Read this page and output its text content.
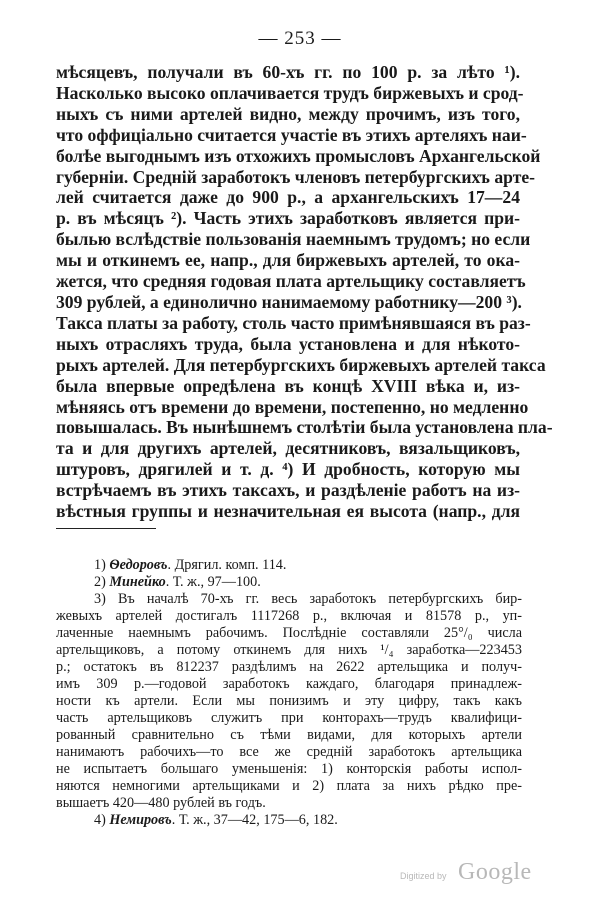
— 253 —
мѣсяцевъ, получали въ 60-хъ гг. по 100 р. за лѣто ¹).
Насколько высоко оплачивается трудъ биржевыхъ и срод-
ныхъ съ ними артелей видно, между прочимъ, изъ того,
что оффиціально считается участіе въ этихъ артеляхъ наи-
болѣе выгоднымъ изъ отхожихъ промысловъ Архангельской
губерніи. Средній заработокъ членовъ петербургскихъ арте-
лей считается даже до 900 р., а архангельскихъ 17—24
р. въ мѣсяцъ ²). Часть этихъ заработковъ является при-
былью вслѣдствіе пользованія наемнымъ трудомъ; но если
мы и откинемъ ее, напр., для биржевыхъ артелей, то ока-
жется, что средняя годовая плата артельщику составляетъ
309 рублей, а единолично нанимаемому работнику—200 ³).
Такса платы за работу, столь часто примѣнявшаяся въ раз-
ныхъ отрасляхъ труда, была установлена и для нѣкото-
рыхъ артелей. Для петербургскихъ биржевыхъ артелей такса
была впервые опредѣлена въ концѣ XVIII вѣка и, из-
мѣняясь отъ времени до времени, постепенно, но медленно
повышалась. Въ нынѣшнемъ столѣтіи была установлена пла-
та и для другихъ артелей, десятниковъ, вязальщиковъ,
штуровъ, дрягилей и т. д. ⁴) И дробность, которую мы
встрѣчаемъ въ этихъ таксахъ, и раздѣленіе работъ на из-
вѣстныя группы и незначительная ея высота (напр., для
1) Ѳедоровъ. Дрягил. комп. 114.
2) Минейко. Т. ж., 97—100.
3) Въ началѣ 70-хъ гг. весь заработокъ петербургскихъ бир-
жевыхъ артелей достигалъ 1117268 р., включая и 81578 р., уп-
лаченные наемнымъ рабочимъ. Послѣдніе составляли 25°/₀ числа
артельщиковъ, а потому откинемъ для нихъ ¹/₄ заработка—223453
р.; остатокъ въ 812237 раздѣлимъ на 2622 артельщика и получ-
имъ 309 р.—годовой заработокъ каждаго, благодаря принадлеж-
ности къ артели. Если мы понизимъ и эту цифру, такъ какъ
часть артельщиковъ служитъ при конторахъ—трудъ квалифици-
рованный сравнительно съ тѣми видами, для которыхъ артели
нанимаютъ рабочихъ—то все же средній заработокъ артельщика
не испытаетъ большаго уменьшенія: 1) конторскія работы испол-
няются немногими артельщиками и 2) плата за нихъ рѣдко пре-
вышаетъ 420—480 рублей въ годъ.
4) Немировъ. Т. ж., 37—42, 175—6, 182.
Digitized by Google
